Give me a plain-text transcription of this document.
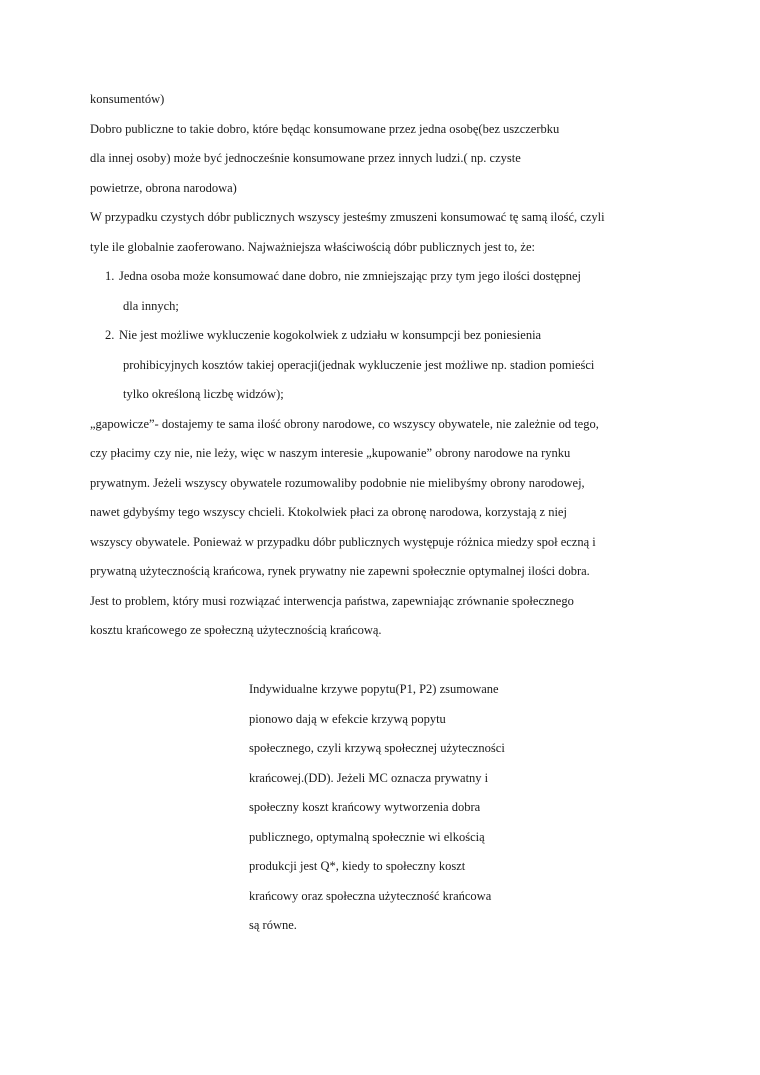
konsumentów)
Dobro publiczne to takie dobro, które będąc konsumowane przez jedna osobę(bez uszczerbku
dla innej osoby) może być jednocześnie konsumowane przez innych ludzi.( np. czyste
powietrze, obrona narodowa)
W przypadku czystych dóbr publicznych wszyscy jesteśmy zmuszeni konsumować tę samą ilość, czyli
tyle ile globalnie zaoferowano. Najważniejsza właściwością dóbr publicznych jest to, że:
1. Jedna osoba może konsumować dane dobro, nie zmniejszając przy tym jego ilości dostępnej
dla innych;
2. Nie jest możliwe wykluczenie kogokolwiek z udziału w konsumpcji bez poniesienia
prohibicyjnych kosztów takiej operacji(jednak wykluczenie jest możliwe np. stadion pomieści
tylko określoną liczbę widzów);
„gapowicze”- dostajemy te sama ilość obrony narodowe, co wszyscy obywatele, nie zależnie od tego,
czy płacimy czy nie, nie leży, więc w naszym interesie „kupowanie” obrony narodowe na rynku
prywatnym. Jeżeli wszyscy obywatele rozumowaliby podobnie nie mielibyśmy obrony narodowej,
nawet gdybyśmy tego wszyscy chcieli. Ktokolwiek płaci za obronę narodowa, korzystają z niej
wszyscy obywatele. Ponieważ w przypadku dóbr publicznych występuje różnica miedzy społ eczną i
prywatną użytecznością krańcowa, rynek prywatny nie zapewni społecznie optymalnej ilości dobra.
Jest to problem, który musi rozwiązać interwencja państwa, zapewniając zrównanie społecznego
kosztu krańcowego ze społeczną użytecznością krańcową.
Indywidualne krzywe popytu(P1, P2) zsumowane
pionowo dają w efekcie krzywą popytu
społecznego, czyli krzywą społecznej użyteczności
krańcowej.(DD). Jeżeli MC oznacza prywatny i
społeczny koszt krańcowy wytworzenia dobra
publicznego, optymalną społecznie wi elkością
produkcji jest Q*, kiedy to społeczny koszt
krańcowy oraz społeczna użyteczność krańcowa
są równe.
